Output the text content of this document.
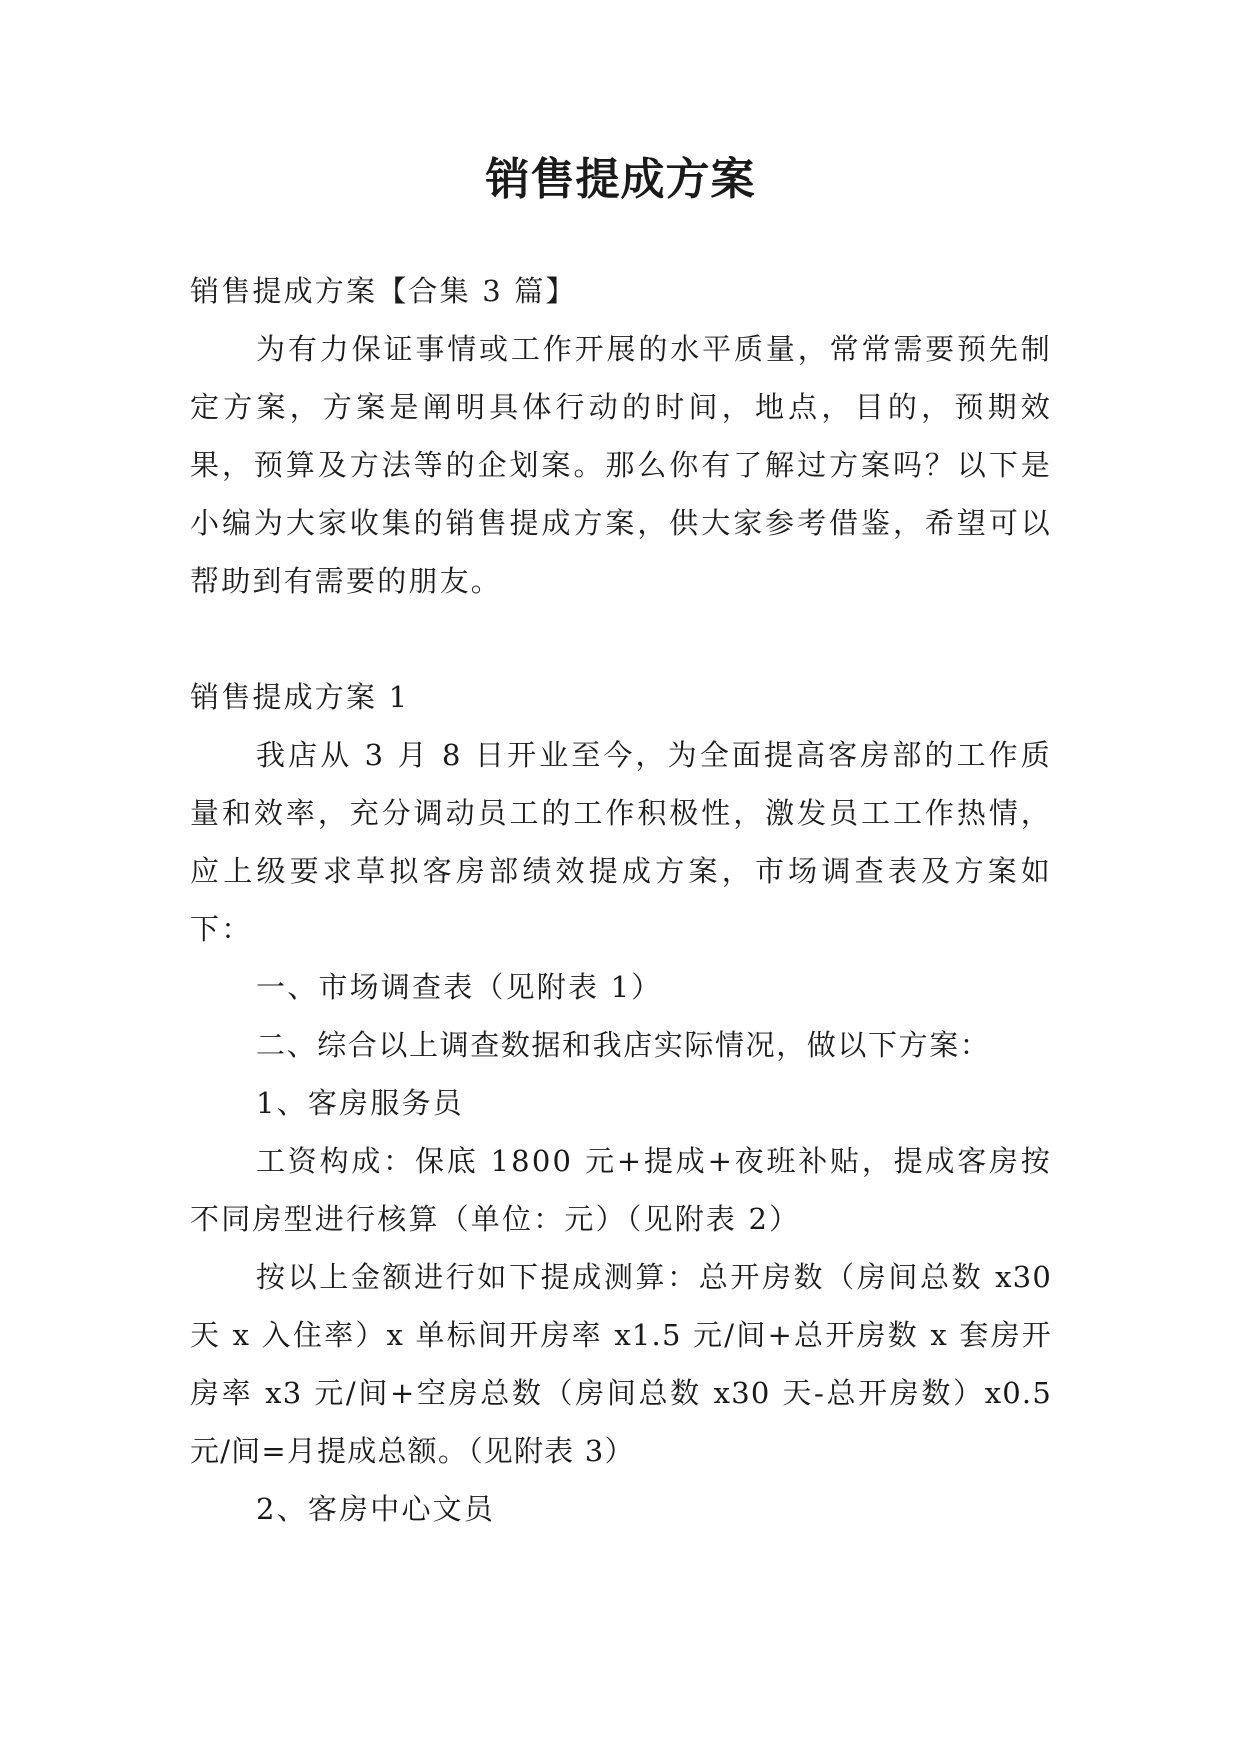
销售提成方案

销售提成方案【合集 3 篇】

为有力保证事情或工作开展的水平质量，常常需要预先制定方案，方案是阐明具体行动的时间，地点，目的，预期效果，预算及方法等的企划案。那么你有了解过方案吗？以下是小编为大家收集的销售提成方案，供大家参考借鉴，希望可以帮助到有需要的朋友。

销售提成方案 1

我店从 3 月 8 日开业至今，为全面提高客房部的工作质量和效率，充分调动员工的工作积极性，激发员工工作热情，应上级要求草拟客房部绩效提成方案，市场调查表及方案如下：

一、市场调查表（见附表 1）

二、综合以上调查数据和我店实际情况，做以下方案：

1、客房服务员

工资构成：保底 1800 元+提成+夜班补贴，提成客房按不同房型进行核算（单位：元）（见附表 2）

按以上金额进行如下提成测算：总开房数（房间总数 x30 天 x 入住率）x 单标间开房率 x1.5 元/间+总开房数 x 套房开房率 x3 元/间+空房总数（房间总数 x30 天-总开房数）x0.5 元/间=月提成总额。（见附表 3）

2、客房中心文员
